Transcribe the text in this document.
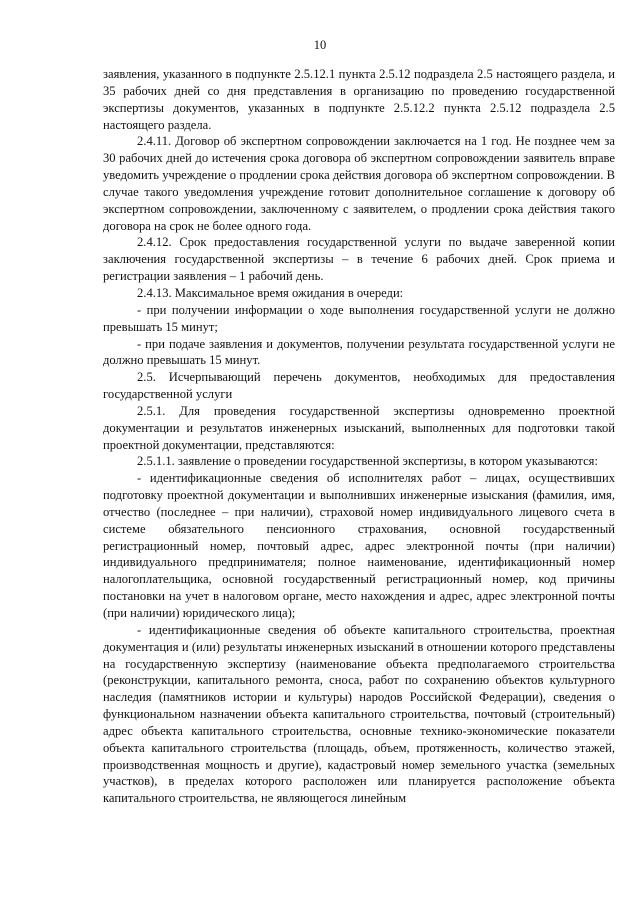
10

заявления, указанного в подпункте 2.5.12.1 пункта 2.5.12 подраздела 2.5 настоящего раздела, и 35 рабочих дней со дня представления в организацию по проведению государственной экспертизы документов, указанных в подпункте 2.5.12.2 пункта 2.5.12 подраздела 2.5 настоящего раздела.

2.4.11. Договор об экспертном сопровождении заключается на 1 год. Не позднее чем за 30 рабочих дней до истечения срока договора об экспертном сопровождении заявитель вправе уведомить учреждение о продлении срока действия договора об экспертном сопровождении. В случае такого уведомления учреждение готовит дополнительное соглашение к договору об экспертном сопровождении, заключенному с заявителем, о продлении срока действия такого договора на срок не более одного года.

2.4.12. Срок предоставления государственной услуги по выдаче заверенной копии заключения государственной экспертизы – в течение 6 рабочих дней. Срок приема и регистрации заявления – 1 рабочий день.

2.4.13. Максимальное время ожидания в очереди:

- при получении информации о ходе выполнения государственной услуги не должно превышать 15 минут;

- при подаче заявления и документов, получении результата государственной услуги не должно превышать 15 минут.

2.5. Исчерпывающий перечень документов, необходимых для предоставления государственной услуги

2.5.1. Для проведения государственной экспертизы одновременно проектной документации и результатов инженерных изысканий, выполненных для подготовки такой проектной документации, представляются:

2.5.1.1. заявление о проведении государственной экспертизы, в котором указываются:

- идентификационные сведения об исполнителях работ – лицах, осуществивших подготовку проектной документации и выполнивших инженерные изыскания (фамилия, имя, отчество (последнее – при наличии), страховой номер индивидуального лицевого счета в системе обязательного пенсионного страхования, основной государственный регистрационный номер, почтовый адрес, адрес электронной почты (при наличии) индивидуального предпринимателя; полное наименование, идентификационный номер налогоплательщика, основной государственный регистрационный номер, код причины постановки на учет в налоговом органе, место нахождения и адрес, адрес электронной почты (при наличии) юридического лица);

- идентификационные сведения об объекте капитального строительства, проектная документация и (или) результаты инженерных изысканий в отношении которого представлены на государственную экспертизу (наименование объекта предполагаемого строительства (реконструкции, капитального ремонта, сноса, работ по сохранению объектов культурного наследия (памятников истории и культуры) народов Российской Федерации), сведения о функциональном назначении объекта капитального строительства, почтовый (строительный) адрес объекта капитального строительства, основные технико-экономические показатели объекта капитального строительства (площадь, объем, протяженность, количество этажей, производственная мощность и другие), кадастровый номер земельного участка (земельных участков), в пределах которого расположен или планируется расположение объекта капитального строительства, не являющегося линейным
